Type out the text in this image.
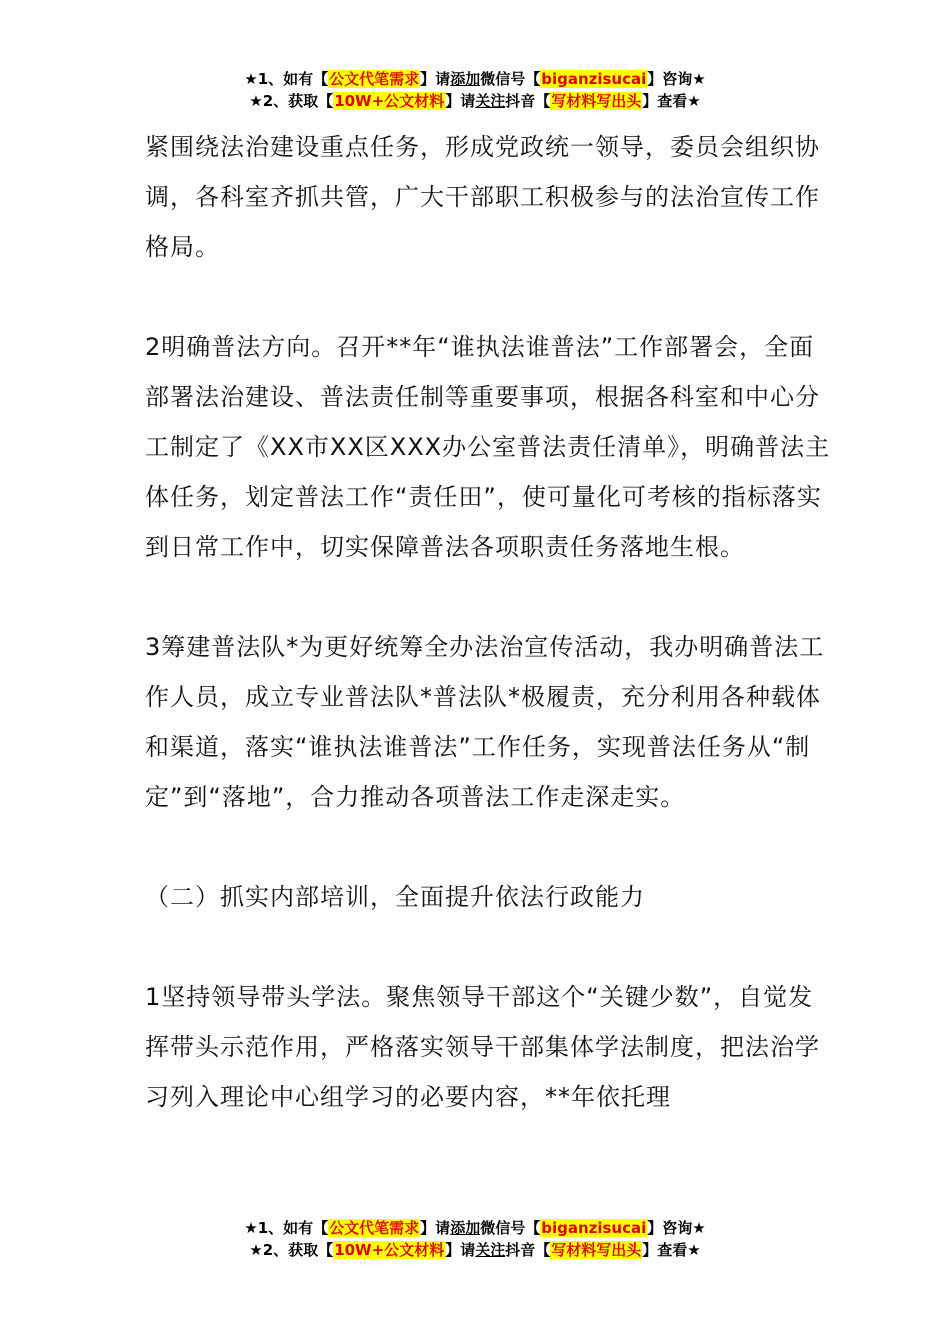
★1、如有【公文代笔需求】请添加微信号【biganzisucai】咨询★
★2、获取【10W+公文材料】请关注抖音【写材料写出头】查看★

紧围绕法治建设重点任务，形成党政统一领导，委员会组织协调，各科室齐抓共管，广大干部职工积极参与的法治宣传工作格局。

2明确普法方向。召开**年“谁执法谁普法”工作部署会，全面部署法治建设、普法责任制等重要事项，根据各科室和中心分工制定了《XX市XX区XXX办公室普法责任清单》，明确普法主体任务，划定普法工作“责任田”，使可量化可考核的指标落实到日常工作中，切实保障普法各项职责任务落地生根。

3筹建普法队*为更好统筹全办法治宣传活动，我办明确普法工作人员，成立专业普法队*普法队*极履责，充分利用各种载体和渠道，落实“谁执法谁普法”工作任务，实现普法任务从“制定”到“落地”，合力推动各项普法工作走深走实。

（二）抓实内部培训，全面提升依法行政能力

1坚持领导带头学法。聚焦领导干部这个“关键少数”，自觉发挥带头示范作用，严格落实领导干部集体学法制度，把法治学习列入理论中心组学习的必要内容，**年依托理

★1、如有【公文代笔需求】请添加微信号【biganzisucai】咨询★
★2、获取【10W+公文材料】请关注抖音【写材料写出头】查看★
